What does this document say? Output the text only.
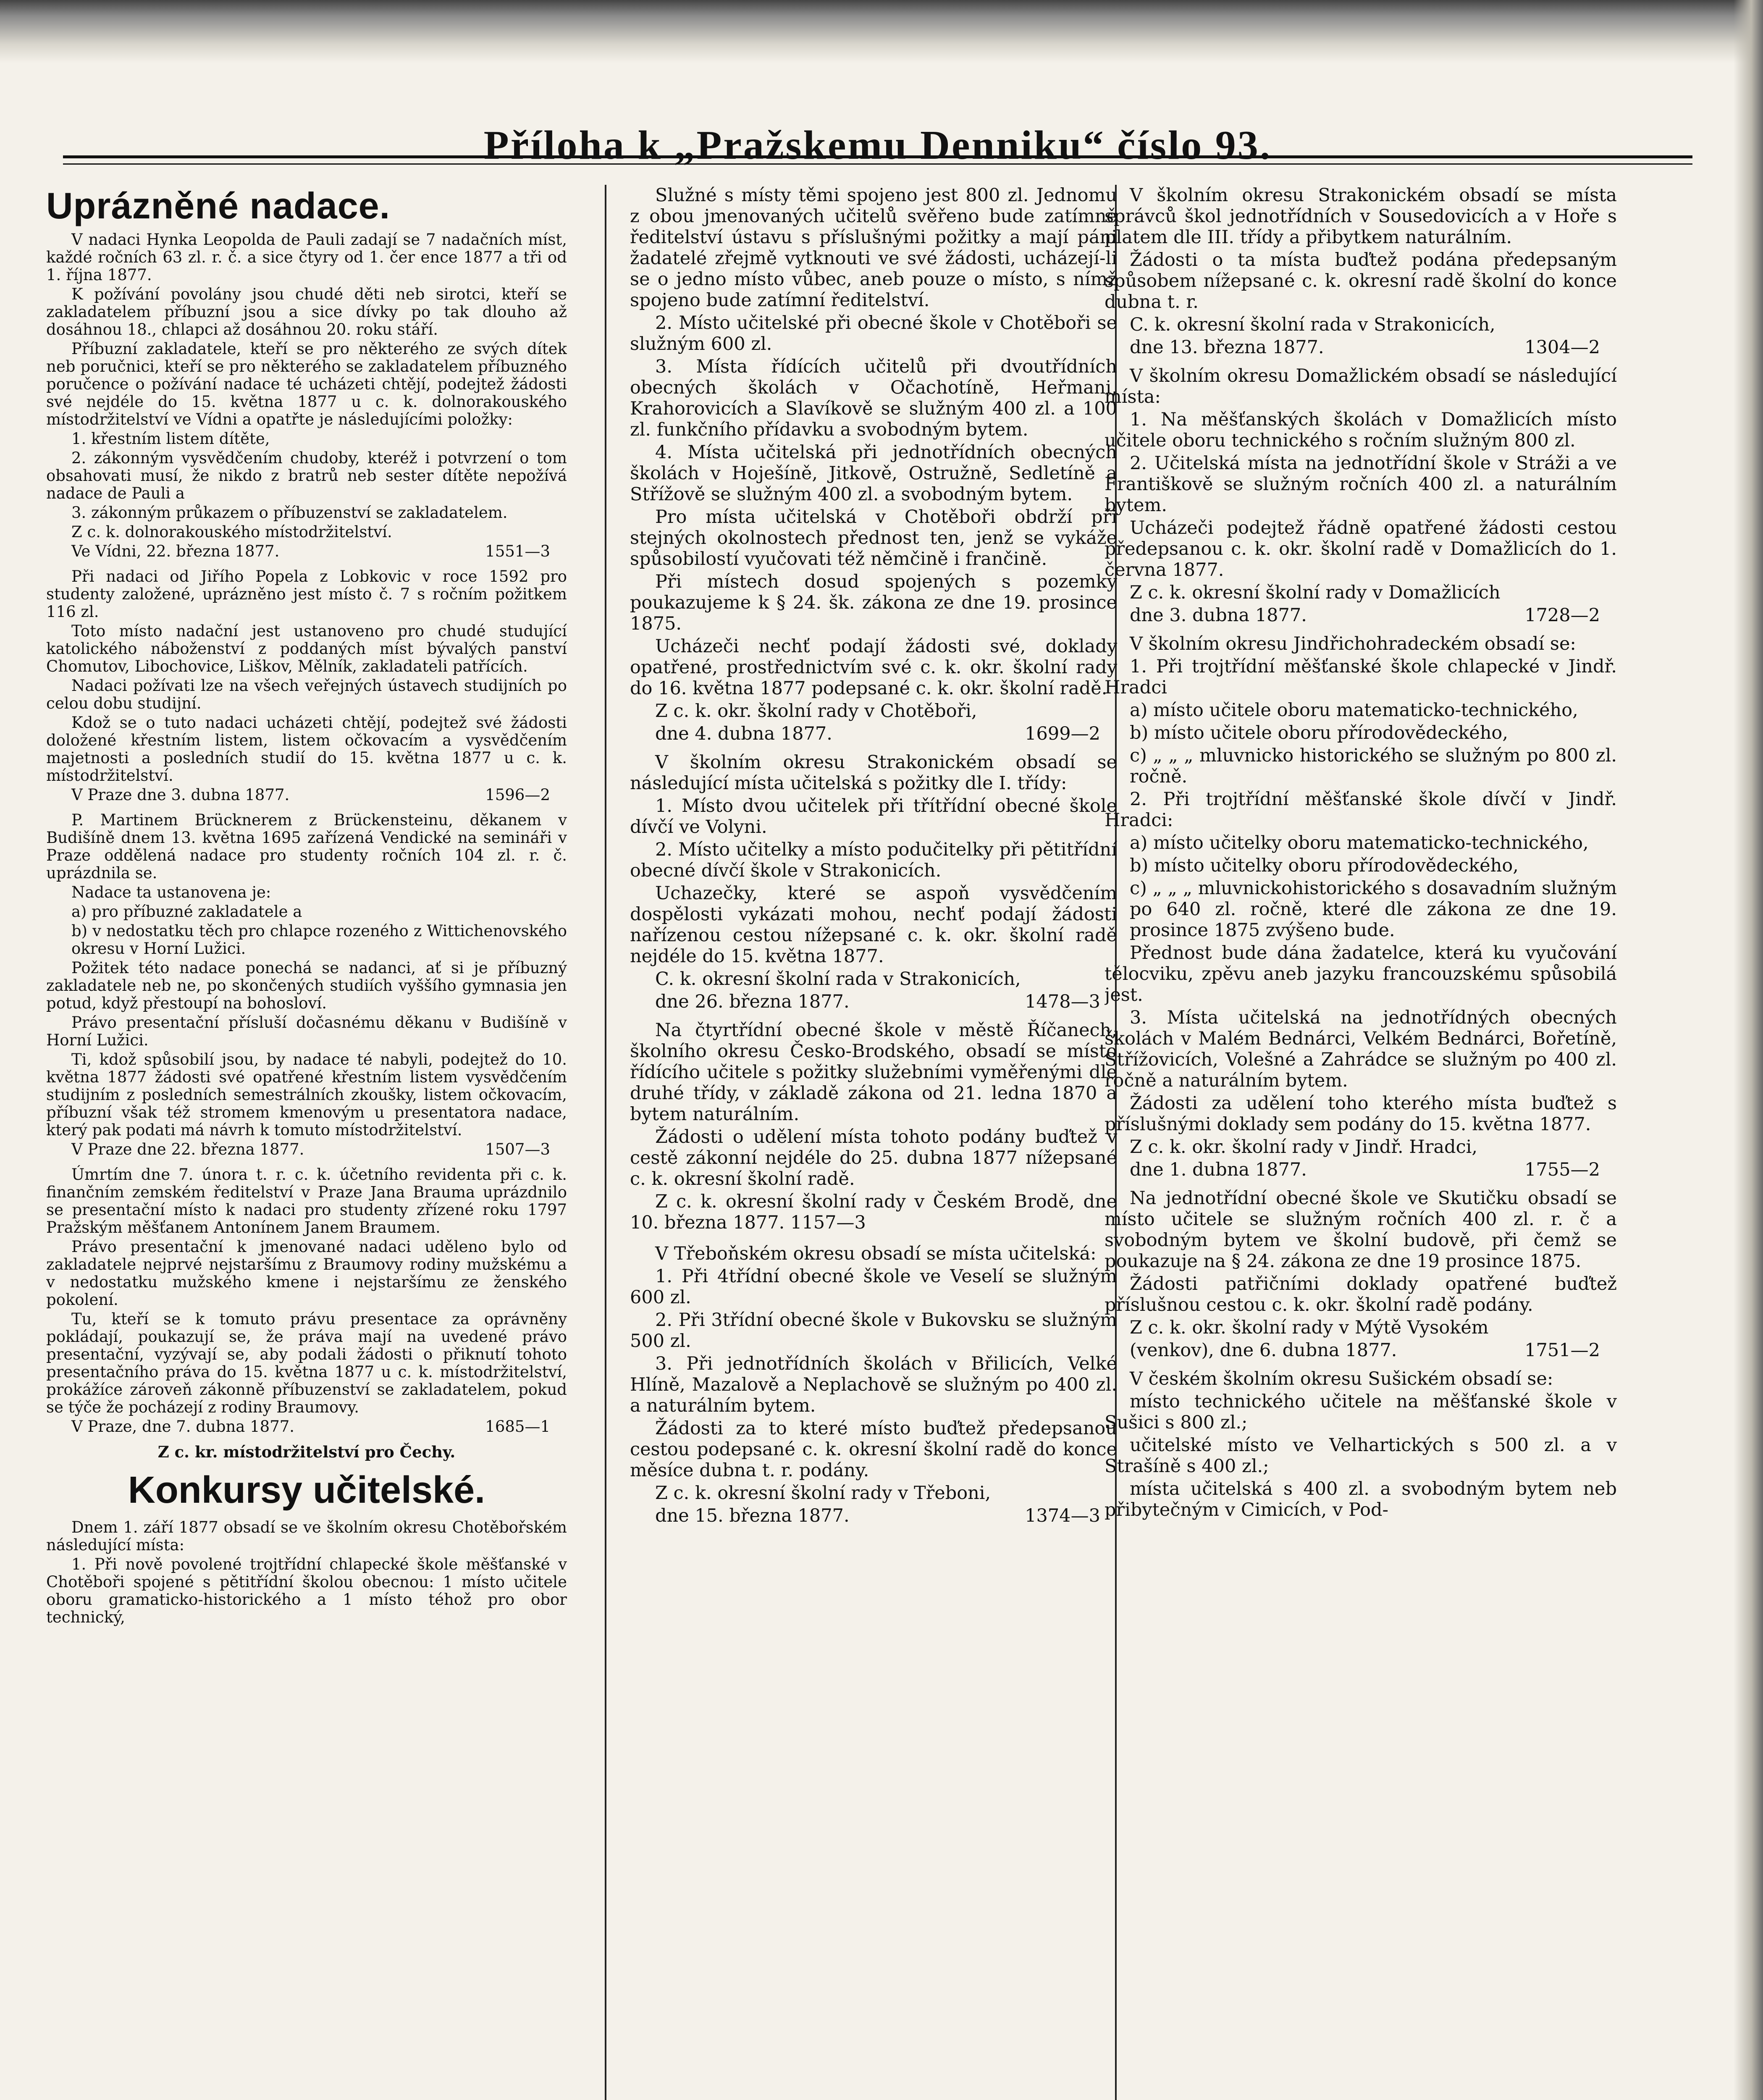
Příloha k „Pražskemu Denniku“ číslo 93.
Uprázněné nadace.

V nadaci Hynka Leopolda de Pauli zadají se 7 nadačních míst, každé ročních 63 zl. r. č. a sice čtyry od 1. čer ence 1877 a tři od 1. října 1877.

K požívání povolány jsou chudé děti neb sirotci, kteří se zakladatelem příbuzní jsou a sice dívky po tak dlouho až dosáhnou 18., chlapci až dosáhnou 20. roku stáří.

Příbuzní zakladatele, kteří se pro některého ze svých dítek neb poručnici, kteří se pro některého se zakladatelem příbuzného poručence o požívání nadace té ucházeti chtějí, podejtež žádosti své nejdéle do 15. května 1877 u c. k. dolnorakouského místodržitelství ve Vídni a opatřte je následujícími položky:

1. křestním listem dítěte,

2. zákonným vysvědčením chudoby, kteréž i potvrzení o tom obsahovati musí, že nikdo z bratrů neb sester dítěte nepožívá nadace de Pauli a

3. zákonným průkazem o příbuzenství se zakladatelem.

Z c. k. dolnorakouského místodržitelství.

Ve Vídni, 22. března 1877.	1551—3

Při nadaci od Jiřího Popela z Lobkovic v roce 1592 pro studenty založené, uprázněno jest místo č. 7 s ročním požitkem 116 zl.

Toto místo nadační jest ustanoveno pro chudé studující katolického náboženství z poddaných míst bývalých panství Chomutov, Libochovice, Liškov, Mělník, zakladateli patřících.

Nadaci požívati lze na všech veřejných ústavech studijních po celou dobu studijní.

Kdož se o tuto nadaci ucházeti chtějí, podejtež své žádosti doložené křestním listem, listem očkovacím a vysvědčením majetnosti a posledních studií do 15. května 1877 u c. k. místodržitelství.

V Praze dne 3. dubna 1877.	1596—2

P. Martinem Brücknerem z Brückensteinu, děkanem v Budišíně dnem 13. května 1695 zařízená Vendické na semináři v Praze oddělená nadace pro studenty ročních 104 zl. r. č. uprázdnila se.

Nadace ta ustanovena je:

a) pro příbuzné zakladatele a

b) v nedostatku těch pro chlapce rozeného z Wittichenovského okresu v Horní Lužici.

Požitek této nadace ponechá se nadanci, ať si je příbuzný zakladatele neb ne, po skončených studiích vyššího gymnasia jen potud, když přestoupí na bohosloví.

Právo presentační přísluší dočasnému děkanu v Budišíně v Horní Lužici.

Ti, kdož spůsobilí jsou, by nadace té nabyli, podejtež do 10. května 1877 žádosti své opatřené křestním listem vysvědčením studijním z posledních semestrálních zkoušky, listem očkovacím, příbuzní však též stromem kmenovým u presentatora nadace, který pak podati má návrh k tomuto místodržitelství.

V Praze dne 22. března 1877.	1507—3

Úmrtím dne 7. února t. r. c. k. účetního revidenta při c. k. finančním zemském ředitelství v Praze Jana Brauma uprázdnilo se presentační místo k nadaci pro studenty zřízené roku 1797 Pražským měšťanem Antonínem Janem Braumem.

Právo presentační k jmenované nadaci uděleno bylo od zakladatele nejprvé nejstaršímu z Braumovy rodiny mužskému a v nedostatku mužského kmene i nejstaršímu ze ženského pokolení.

Tu, kteří se k tomuto právu presentace za oprávněny pokládají, poukazují se, že práva mají na uvedené právo presentační, vyzývají se, aby podali žádosti o přiknutí tohoto presentačního práva do 15. května 1877 u c. k. místodržitelství, prokážíce zároveň zákonně příbuzenství se zakladatelem, pokud se týče že pocházejí z rodiny Braumovy.

V Praze, dne 7. dubna 1877.	1685—1

Z c. kr. místodržitelství pro Čechy.

Konkursy učitelské.

Dnem 1. září 1877 obsadí se ve školním okresu Chotěbořském následující místa:

1. Při nově povolené trojtřídní chlapecké škole měšťanské v Chotěboři spojené s pětitřídní školou obecnou: 1 místo učitele oboru gramaticko-historického a 1 místo téhož pro obor technický,

Služné s místy těmi spojeno jest 800 zl. Jednomu z obou jmenovaných učitelů svěřeno bude zatímně ředitelství ústavu s příslušnými požitky a mají páni žadatelé zřejmě vytknouti ve své žádosti, ucházejí-li se o jedno místo vůbec, aneb pouze o místo, s nímž spojeno bude zatímní ředitelství.

2. Místo učitelské při obecné škole v Chotěboři se služným 600 zl.

3. Místa řídících učitelů při dvoutřídních obecných školách v Očachotíně, Heřmani, Krahorovicích a Slavíkově se služným 400 zl. a 100 zl. funkčního přídavku a svobodným bytem.

4. Místa učitelská při jednotřídních obecných školách v Hoješíně, Jitkově, Ostružně, Sedletíně a Střížově se služným 400 zl. a svobodným bytem.

Pro místa učitelská v Chotěboři obdrží při stejných okolnostech přednost ten, jenž se vykáže spůsobilostí vyučovati též němčině i frančině.

Při místech dosud spojených s pozemky poukazujeme k § 24. šk. zákona ze dne 19. prosince 1875.

Ucházeči nechť podají žádosti své, doklady opatřené, prostřednictvím své c. k. okr. školní rady do 16. května 1877 podepsané c. k. okr. školní radě.

Z c. k. okr. školní rady v Chotěboři,

dne 4. dubna 1877.	1699—2

V školním okresu Strakonickém obsadí se následující místa učitelská s požitky dle I. třídy:

1. Místo dvou učitelek při třítřídní obecné škole dívčí ve Volyni.

2. Místo učitelky a místo podučitelky při pětitřídní obecné dívčí škole v Strakonicích.

Uchazečky, které se aspoň vysvědčením dospělosti vykázati mohou, nechť podají žádosti nařízenou cestou nížepsané c. k. okr. školní radě nejdéle do 15. května 1877.

C. k. okresní školní rada v Strakonicích,

dne 26. března 1877.	1478—3

Na čtyrtřídní obecné škole v městě Říčanech, školního okresu Česko-Brodského, obsadí se místo řídícího učitele s požitky služebními vyměřenými dle druhé třídy, v základě zákona od 21. ledna 1870 a bytem naturálním.

Žádosti o udělení místa tohoto podány buďtež v cestě zákonní nejdéle do 25. dubna 1877 nížepsané c. k. okresní školní radě.

Z c. k. okresní školní rady v Českém Brodě, dne 10. března 1877. 1157—3

V Třeboňském okresu obsadí se místa učitelská:

1. Při 4třídní obecné škole ve Veselí se služným 600 zl.

2. Při 3třídní obecné škole v Bukovsku se služným 500 zl.

3. Při jednotřídních školách v Břilicích, Velké Hlíně, Mazalově a Neplachově se služným po 400 zl. a naturálním bytem.

Žádosti za to které místo buďtež předepsanou cestou podepsané c. k. okresní školní radě do konce měsíce dubna t. r. podány.

Z c. k. okresní školní rady v Třeboni,

dne 15. března 1877.	1374—3

V školním okresu Strakonickém obsadí se místa správců škol jednotřídních v Sousedovicích a v Hoře s platem dle III. třídy a přibytkem naturálním.

Žádosti o ta místa buďtež podána předepsaným spůsobem nížepsané c. k. okresní radě školní do konce dubna t. r.

C. k. okresní školní rada v Strakonicích,

dne 13. března 1877.	1304—2

V školním okresu Domažlickém obsadí se následující místa:

1. Na měšťanských školách v Domažlicích místo učitele oboru technického s ročním služným 800 zl.

2. Učitelská místa na jednotřídní škole v Stráži a ve Františkově se služným ročních 400 zl. a naturálním bytem.

Ucházeči podejtež řádně opatřené žádosti cestou předepsanou c. k. okr. školní radě v Domažlicích do 1. června 1877.

Z c. k. okresní školní rady v Domažlicích

dne 3. dubna 1877.	1728—2

V školním okresu Jindřichohradeckém obsadí se:

1. Při trojtřídní měšťanské škole chlapecké v Jindř. Hradci

a) místo učitele oboru matematicko-technického,

b) místo učitele oboru přírodovědeckého,

c) „ „ „ mluvnicko historického se služným po 800 zl. ročně.

2. Při trojtřídní měšťanské škole dívčí v Jindř. Hradci:

a) místo učitelky oboru matematicko-technického,

b) místo učitelky oboru přírodovědeckého,

c) „ „ „ mluvnickohistorického s dosavadním služným po 640 zl. ročně, které dle zákona ze dne 19. prosince 1875 zvýšeno bude.

Přednost bude dána žadatelce, která ku vyučování tělocviku, zpěvu aneb jazyku francouzskému spůsobilá jest.

3. Místa učitelská na jednotřídných obecných školách v Malém Bednárci, Velkém Bednárci, Bořetíně, Střížovicích, Volešné a Zahrádce se služným po 400 zl. ročně a naturálním bytem.

Žádosti za udělení toho kterého místa buďtež s příslušnými doklady sem podány do 15. května 1877.

Z c. k. okr. školní rady v Jindř. Hradci,

dne 1. dubna 1877.	1755—2

Na jednotřídní obecné škole ve Skutičku obsadí se místo učitele se služným ročních 400 zl. r. č a svobodným bytem ve školní budově, při čemž se poukazuje na § 24. zákona ze dne 19 prosince 1875.

Žádosti patřičními doklady opatřené buďtež příslušnou cestou c. k. okr. školní radě podány.

Z c. k. okr. školní rady v Mýtě Vysokém

(venkov), dne 6. dubna 1877.	1751—2

V českém školním okresu Sušickém obsadí se:

místo technického učitele na měšťanské škole v Sušici s 800 zl.;

učitelské místo ve Velhartických s 500 zl. a v Strašíně s 400 zl.;

místa učitelská s 400 zl. a svobodným bytem neb přibytečným v Cimicích, v Pod-
